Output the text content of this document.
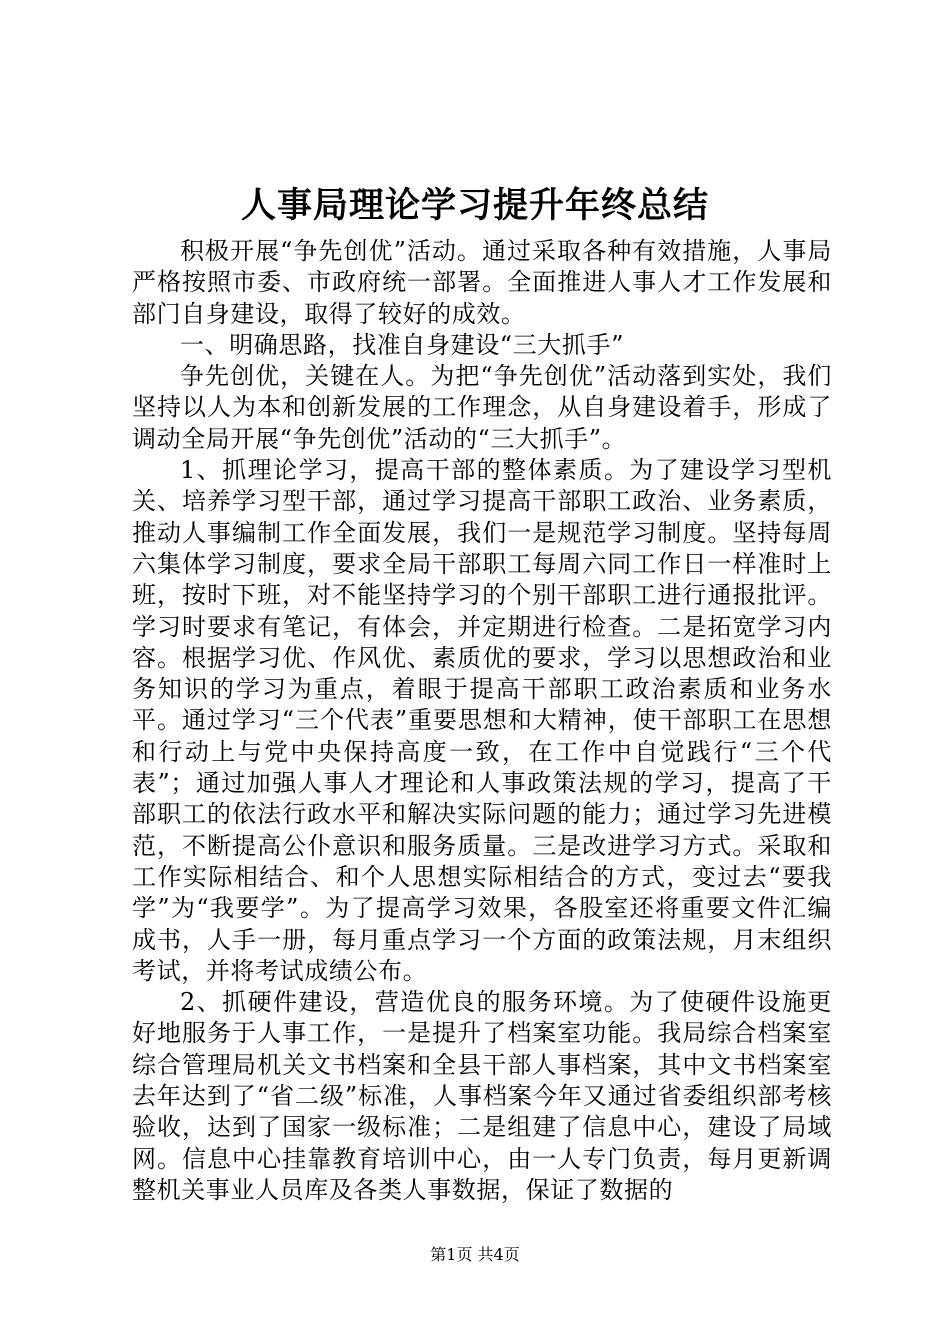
人事局理论学习提升年终总结

积极开展“争先创优”活动。通过采取各种有效措施，人事局严格按照市委、市政府统一部署。全面推进人事人才工作发展和部门自身建设，取得了较好的成效。

一、明确思路，找准自身建设“三大抓手”

争先创优，关键在人。为把“争先创优”活动落到实处，我们坚持以人为本和创新发展的工作理念，从自身建设着手，形成了调动全局开展“争先创优”活动的“三大抓手”。

1、抓理论学习，提高干部的整体素质。为了建设学习型机关、培养学习型干部，通过学习提高干部职工政治、业务素质，推动人事编制工作全面发展，我们一是规范学习制度。坚持每周六集体学习制度，要求全局干部职工每周六同工作日一样准时上班，按时下班，对不能坚持学习的个别干部职工进行通报批评。学习时要求有笔记，有体会，并定期进行检查。二是拓宽学习内容。根据学习优、作风优、素质优的要求，学习以思想政治和业务知识的学习为重点，着眼于提高干部职工政治素质和业务水平。通过学习“三个代表”重要思想和大精神，使干部职工在思想和行动上与党中央保持高度一致，在工作中自觉践行“三个代表”；通过加强人事人才理论和人事政策法规的学习，提高了干部职工的依法行政水平和解决实际问题的能力；通过学习先进模范，不断提高公仆意识和服务质量。三是改进学习方式。采取和工作实际相结合、和个人思想实际相结合的方式，变过去“要我学”为“我要学”。为了提高学习效果，各股室还将重要文件汇编成书，人手一册，每月重点学习一个方面的政策法规，月末组织考试，并将考试成绩公布。

2、抓硬件建设，营造优良的服务环境。为了使硬件设施更好地服务于人事工作，一是提升了档案室功能。我局综合档案室综合管理局机关文书档案和全县干部人事档案，其中文书档案室去年达到了“省二级”标准，人事档案今年又通过省委组织部考核验收，达到了国家一级标准；二是组建了信息中心，建设了局域网。信息中心挂靠教育培训中心，由一人专门负责，每月更新调整机关事业人员库及各类人事数据，保证了数据的

第1页 共4页
